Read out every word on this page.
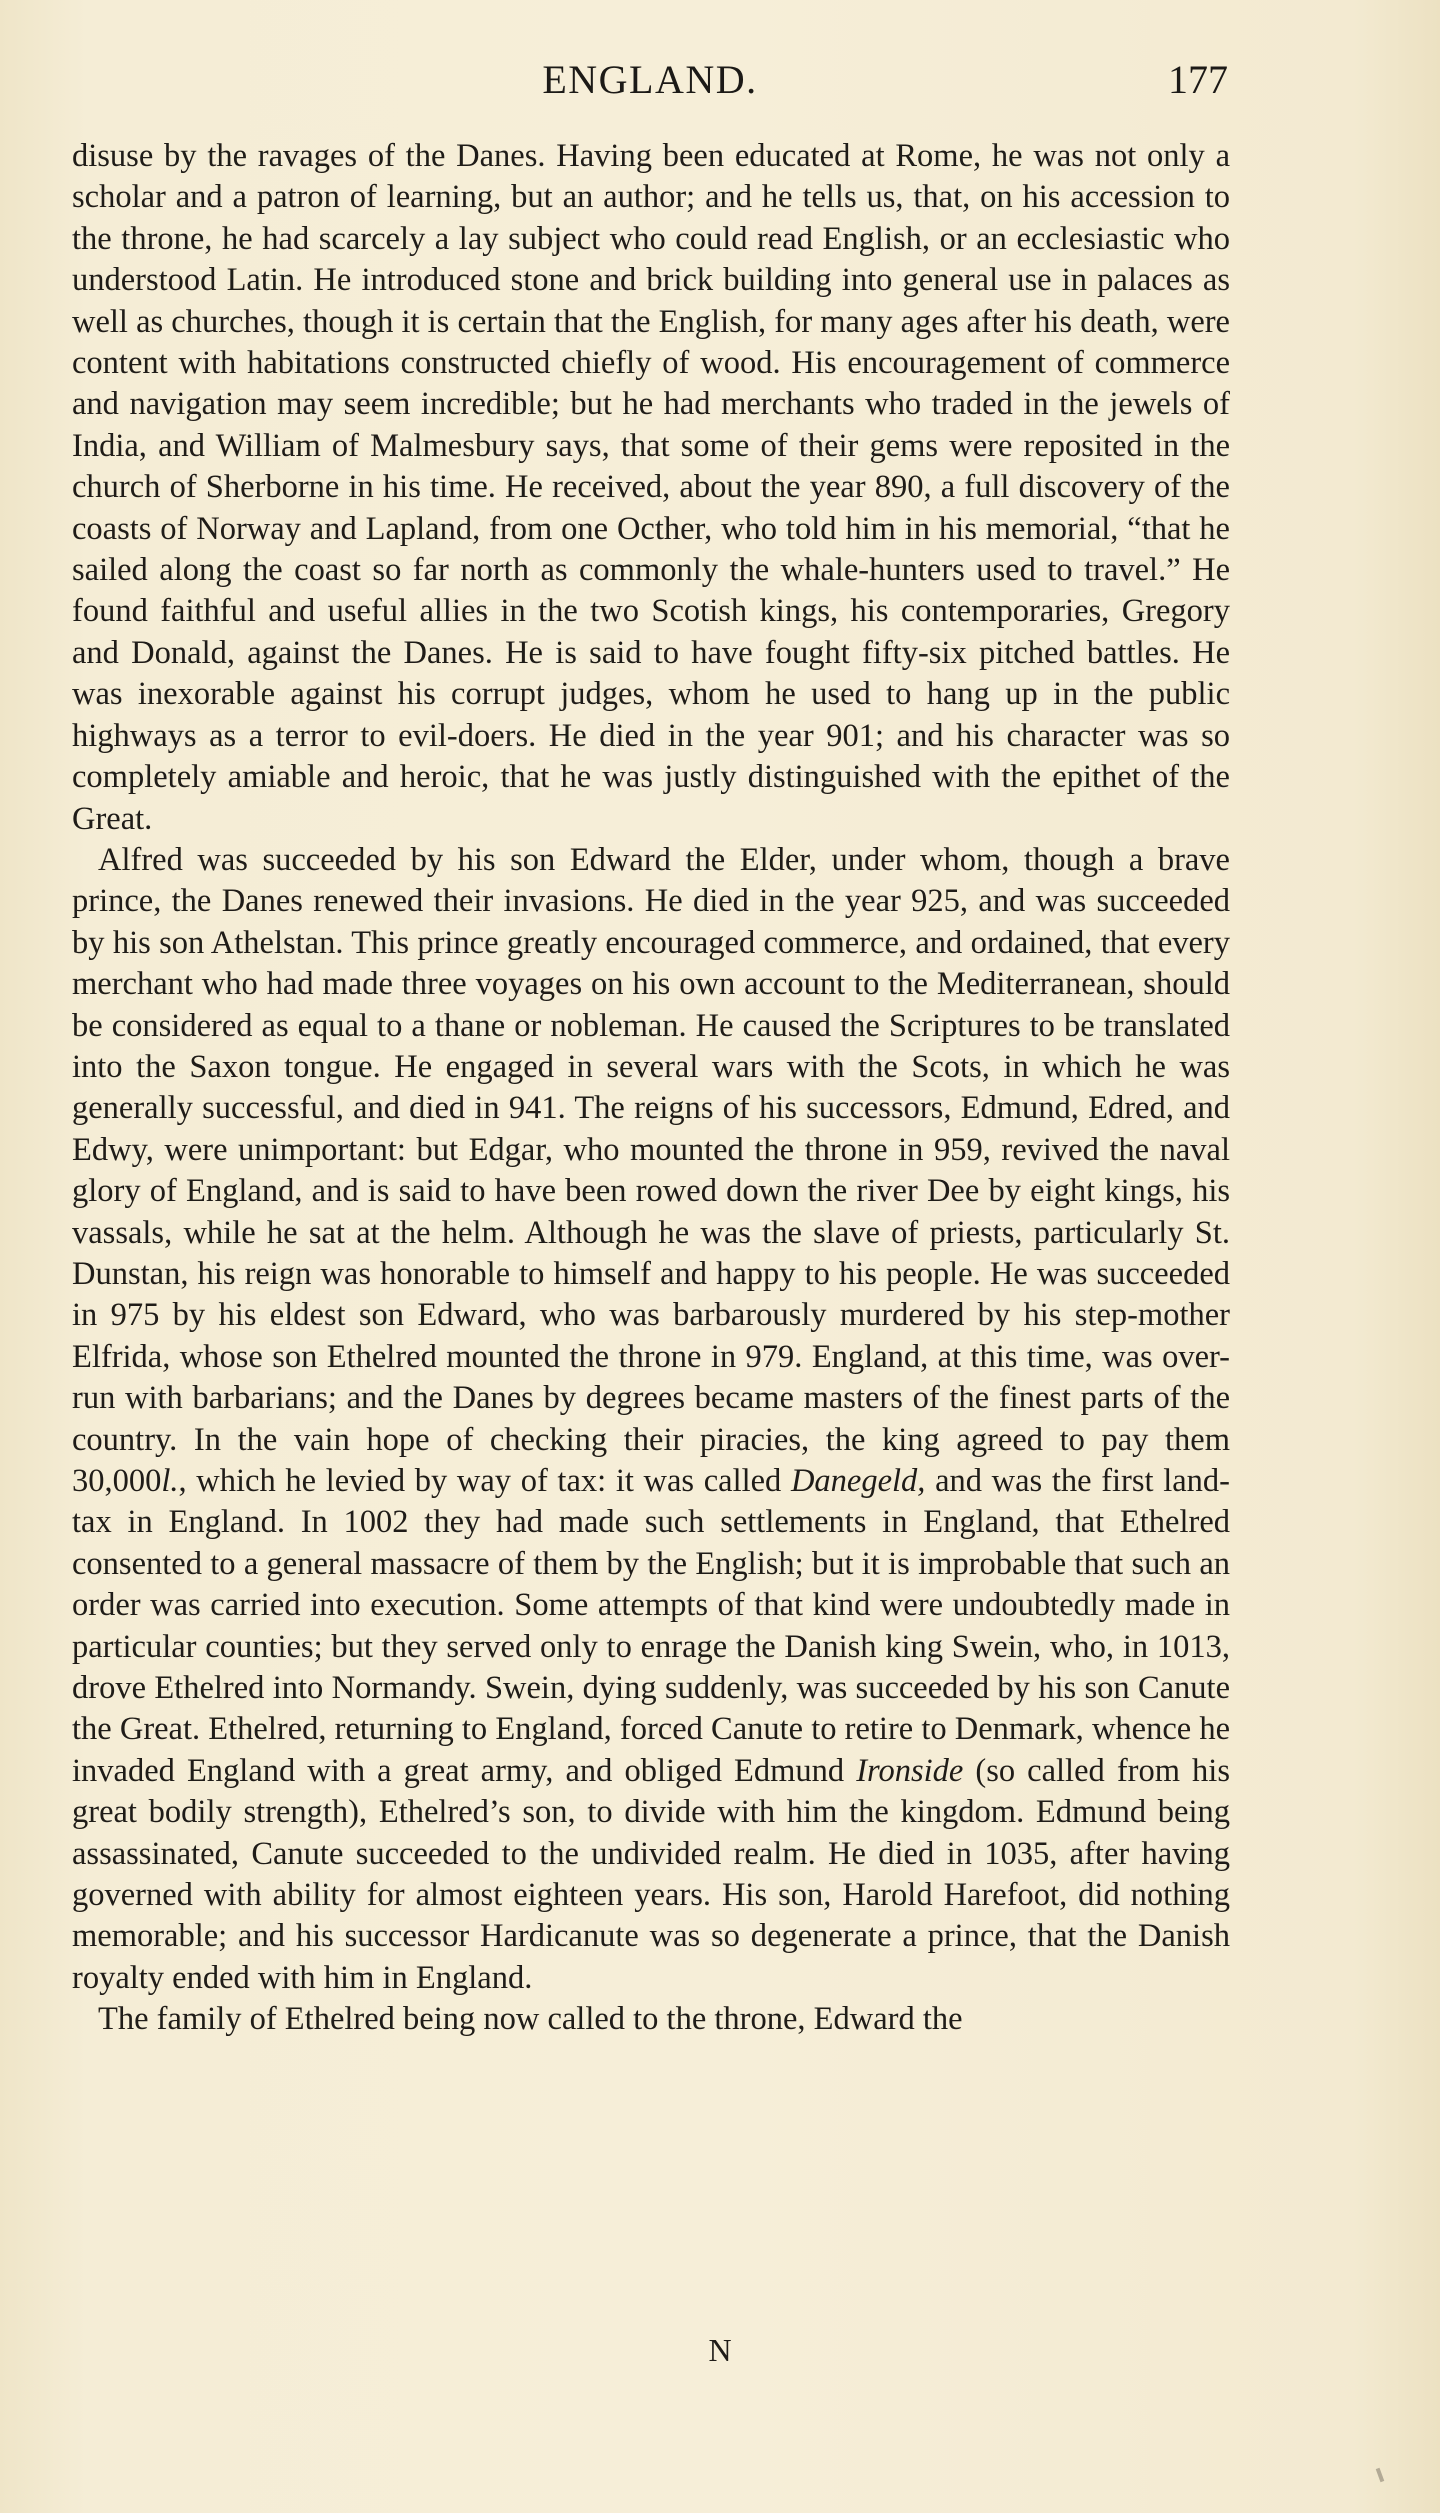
ENGLAND.	177

disuse by the ravages of the Danes. Having been educated at Rome, he was not only a scholar and a patron of learning, but an author; and he tells us, that, on his accession to the throne, he had scarcely a lay subject who could read English, or an ecclesiastic who understood Latin. He introduced stone and brick building into general use in palaces as well as churches, though it is certain that the English, for many ages after his death, were content with habitations constructed chiefly of wood. His encouragement of commerce and navigation may seem incredible; but he had merchants who traded in the jewels of India, and William of Malmesbury says, that some of their gems were reposited in the church of Sherborne in his time. He received, about the year 890, a full discovery of the coasts of Norway and Lapland, from one Octher, who told him in his memorial, “that he sailed along the coast so far north as commonly the whale-hunters used to travel.” He found faithful and useful allies in the two Scotish kings, his contemporaries, Gregory and Donald, against the Danes. He is said to have fought fifty-six pitched battles. He was inexorable against his corrupt judges, whom he used to hang up in the public highways as a terror to evil-doers. He died in the year 901; and his character was so completely amiable and heroic, that he was justly distinguished with the epithet of the Great.

Alfred was succeeded by his son Edward the Elder, under whom, though a brave prince, the Danes renewed their invasions. He died in the year 925, and was succeeded by his son Athelstan. This prince greatly encouraged commerce, and ordained, that every merchant who had made three voyages on his own account to the Mediterranean, should be considered as equal to a thane or nobleman. He caused the Scriptures to be translated into the Saxon tongue. He engaged in several wars with the Scots, in which he was generally successful, and died in 941. The reigns of his successors, Edmund, Edred, and Edwy, were unimportant: but Edgar, who mounted the throne in 959, revived the naval glory of England, and is said to have been rowed down the river Dee by eight kings, his vassals, while he sat at the helm. Although he was the slave of priests, particularly St. Dunstan, his reign was honorable to himself and happy to his people. He was succeeded in 975 by his eldest son Edward, who was barbarously murdered by his step-mother Elfrida, whose son Ethelred mounted the throne in 979. England, at this time, was over-run with barbarians; and the Danes by degrees became masters of the finest parts of the country. In the vain hope of checking their piracies, the king agreed to pay them 30,000l., which he levied by way of tax: it was called Danegeld, and was the first land-tax in England. In 1002 they had made such settlements in England, that Ethelred consented to a general massacre of them by the English; but it is improbable that such an order was carried into execution. Some attempts of that kind were undoubtedly made in particular counties; but they served only to enrage the Danish king Swein, who, in 1013, drove Ethelred into Normandy. Swein, dying suddenly, was succeeded by his son Canute the Great. Ethelred, returning to England, forced Canute to retire to Denmark, whence he invaded England with a great army, and obliged Edmund Ironside (so called from his great bodily strength), Ethelred’s son, to divide with him the kingdom. Edmund being assassinated, Canute succeeded to the undivided realm. He died in 1035, after having governed with ability for almost eighteen years. His son, Harold Harefoot, did nothing memorable; and his successor Hardicanute was so degenerate a prince, that the Danish royalty ended with him in England.

The family of Ethelred being now called to the throne, Edward the

N
